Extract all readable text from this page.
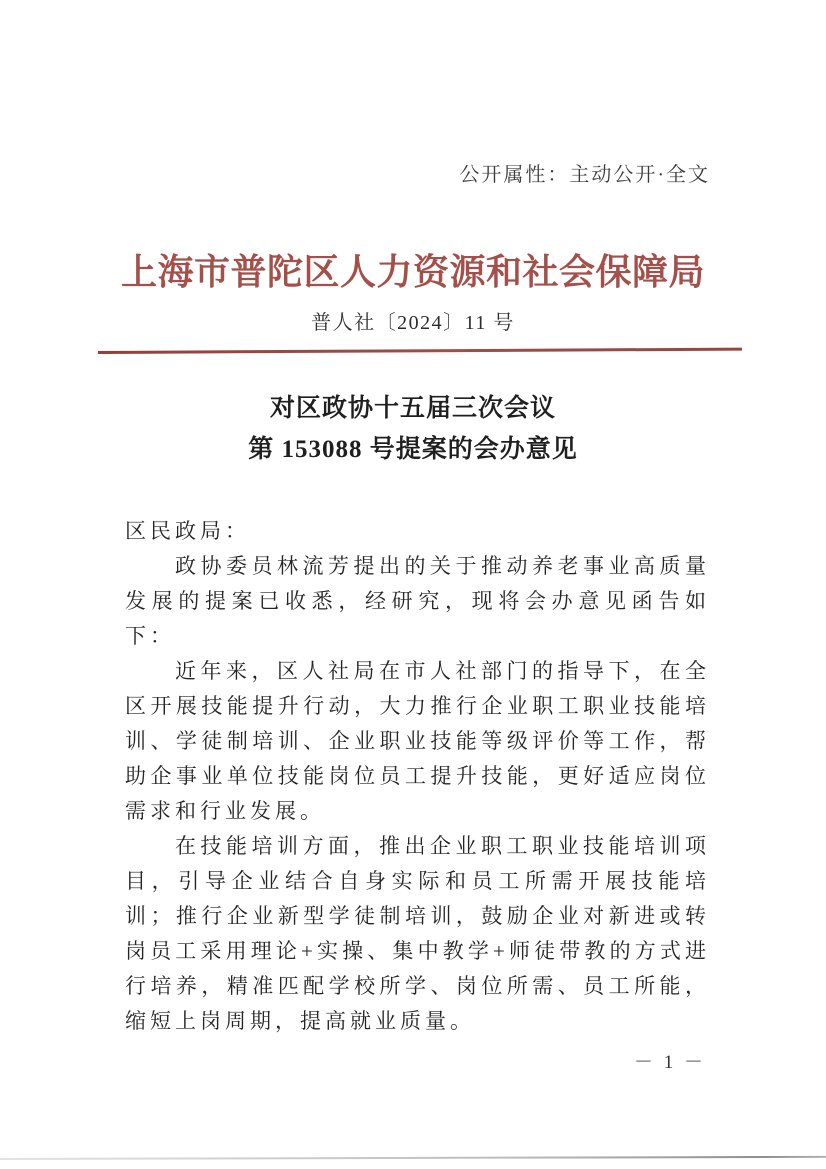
公开属性：主动公开·全文
上海市普陀区人力资源和社会保障局
普人社〔2024〕11 号
对区政协十五届三次会议
第 153088 号提案的会办意见

区民政局：

政协委员林流芳提出的关于推动养老事业高质量发展的提案已收悉，经研究，现将会办意见函告如下：

近年来，区人社局在市人社部门的指导下，在全区开展技能提升行动，大力推行企业职工职业技能培训、学徒制培训、企业职业技能等级评价等工作，帮助企事业单位技能岗位员工提升技能，更好适应岗位需求和行业发展。

在技能培训方面，推出企业职工职业技能培训项目，引导企业结合自身实际和员工所需开展技能培训；推行企业新型学徒制培训，鼓励企业对新进或转岗员工采用理论+实操、集中教学+师徒带教的方式进行培养，精准匹配学校所学、岗位所需、员工所能，缩短上岗周期，提高就业质量。

－ 1 －
